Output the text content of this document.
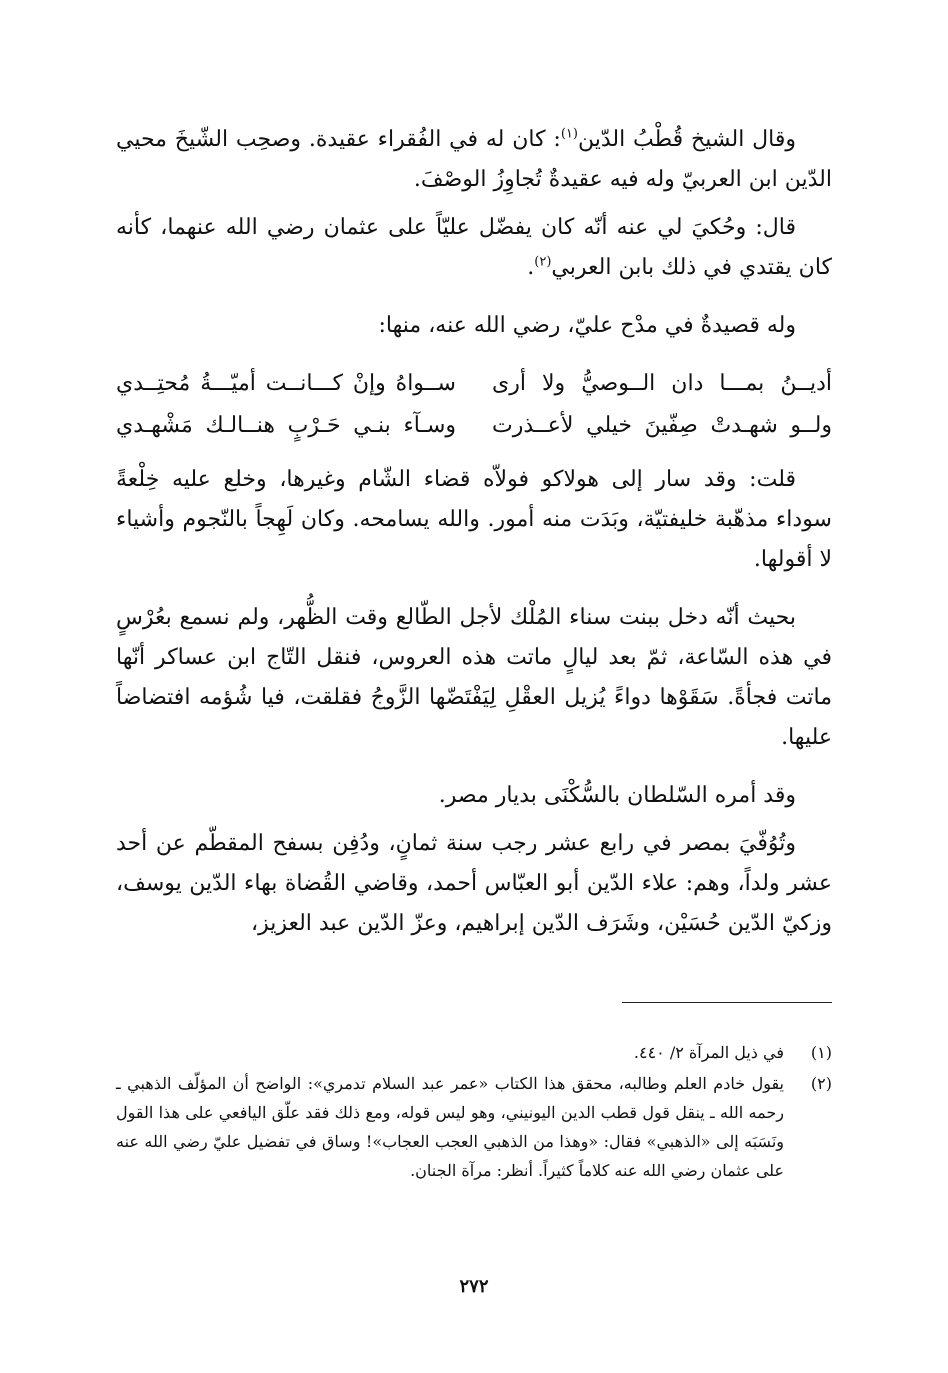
وقال الشيخ قُطْبُ الدّين$^{(١)}$: كان له في الفُقراء عقيدة. وصحِب الشّيخَ محيي الدّين ابن العربيّ وله فيه عقيدةٌ تُجاوِزُ الوصْفَ.

قال: وحُكيَ لي عنه أنّه كان يفضّل عليّاً على عثمان رضي الله عنهما، كأنه كان يقتدي في ذلك بابن العربي$^{(٢)}$.

وله قصيدةٌ في مدْح عليّ، رضي الله عنه، منها:

أديــنُ بمـــا دان الــوصيُّ ولا أرى
ســواهُ وإنْ كـــانــت أميّـــةُ مُحتِــدي
ولــو شهـدتْ صِفّينَ خيلي لأعــذرت
وسـآء بنـي حَـرْبٍ هنــالـك مَشْهـدي

قلت: وقد سار إلى هولاكو فولاّه قضاء الشّام وغيرها، وخلع عليه خِلْعةً سوداء مذهّبة خليفتيّة، وبَدَت منه أمور. والله يسامحه. وكان لَهِجاً بالنّجوم وأشياء لا أقولها.

بحيث أنّه دخل ببنت سناء المُلْك لأجل الطّالع وقت الظُّهر، ولم نسمع بعُرْسٍ في هذه السّاعة، ثمّ بعد ليالٍ ماتت هذه العروس، فنقل التّاج ابن عساكر أنّها ماتت فجأةً. سَقَوْها دواءً يُزيل العقْلِ لِيَفْتَضّها الزَّوجُ فقلقت، فيا شُؤمه افتضاضاً عليها.

وقد أمره السّلطان بالسُّكْنَى بديار مصر.

وتُوُفّيَ بمصر في رابع عشر رجب سنة ثمانٍ، ودُفِن بسفح المقطّم عن أحد عشر ولداً، وهم: علاء الدّين أبو العبّاس أحمد، وقاضي القُضاة بهاء الدّين يوسف، وزكيّ الدّين حُسَيْن، وشَرَف الدّين إبراهيم، وعزّ الدّين عبد العزيز،

(١)
في ذيل المرآة ٢/ ٤٤٠.
(٢)
يقول خادم العلم وطالبه، محقق هذا الكتاب «عمر عبد السلام تدمري»: الواضح أن المؤلّف الذهبي ـ رحمه الله ـ ينقل قول قطب الدين اليونيني، وهو ليس قوله، ومع ذلك فقد علّق اليافعي على هذا القول ونَسَبَه إلى «الذهبي» فقال: «وهذا من الذهبي العجب العجاب»! وساق في تفضيل عليّ رضي الله عنه على عثمان رضي الله عنه كلاماً كثيراً. أنظر: مرآة الجنان.
٢٧٢
